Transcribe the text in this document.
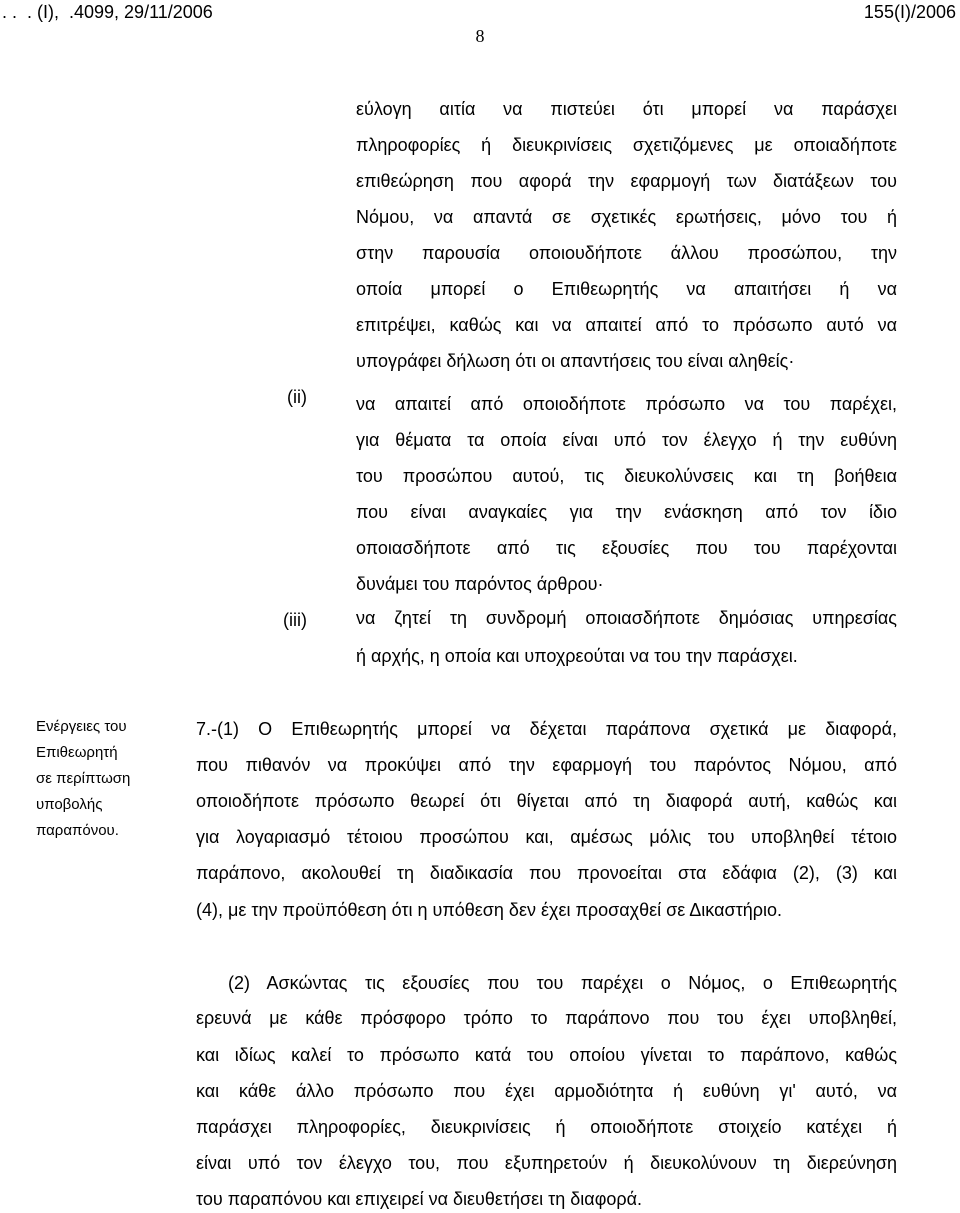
. .  . (Ι),  .4099, 29/11/2006	155(Ι)/2006
8
εύλογη αιτία να πιστεύει ότι μπορεί να παράσχει
πληροφορίες ή διευκρινίσεις σχετιζόμενες με οποιαδήποτε
επιθεώρηση που αφορά την εφαρμογή των διατάξεων του
Νόμου, να απαντά σε σχετικές ερωτήσεις, μόνο του ή
στην παρουσία οποιουδήποτε άλλου προσώπου, την
οποία μπορεί ο Επιθεωρητής να απαιτήσει ή να
επιτρέψει, καθώς και να απαιτεί από το πρόσωπο αυτό να
υπογράφει δήλωση ότι οι απαντήσεις του είναι αληθείς·
(ii)	να απαιτεί από οποιοδήποτε πρόσωπο να του παρέχει,
για θέματα τα οποία είναι υπό τον έλεγχο ή την ευθύνη
του προσώπου αυτού, τις διευκολύνσεις και τη βοήθεια
που είναι αναγκαίες για την ενάσκηση από τον ίδιο
οποιασδήποτε από τις εξουσίες που του παρέχονται
δυνάμει του παρόντος άρθρου·
(iii)	να ζητεί τη συνδρομή οποιασδήποτε δημόσιας υπηρεσίας
ή αρχής, η οποία και υποχρεούται να του την παράσχει.
Ενέργειες του
Επιθεωρητή
σε περίπτωση
υποβολής
παραπόνου.
7.-(1) Ο Επιθεωρητής μπορεί να δέχεται παράπονα σχετικά με διαφορά,
που πιθανόν να προκύψει από την εφαρμογή του παρόντος Νόμου, από
οποιοδήποτε πρόσωπο θεωρεί ότι θίγεται από τη διαφορά αυτή, καθώς και
για λογαριασμό τέτοιου προσώπου και, αμέσως μόλις του υποβληθεί τέτοιο
παράπονο, ακολουθεί τη διαδικασία που προνοείται στα εδάφια (2), (3) και
(4), με την προϋπόθεση ότι η υπόθεση δεν έχει προσαχθεί σε Δικαστήριο.
(2) Ασκώντας τις εξουσίες που του παρέχει ο Νόμος, ο Επιθεωρητής
ερευνά με κάθε πρόσφορο τρόπο το παράπονο που του έχει υποβληθεί,
και ιδίως καλεί το πρόσωπο κατά του οποίου γίνεται το παράπονο, καθώς
και κάθε άλλο πρόσωπο που έχει αρμοδιότητα ή ευθύνη γι' αυτό, να
παράσχει πληροφορίες, διευκρινίσεις ή οποιοδήποτε στοιχείο κατέχει ή
είναι υπό τον έλεγχο του, που εξυπηρετούν ή διευκολύνουν τη διερεύνηση
του παραπόνου και επιχειρεί να διευθετήσει τη διαφορά.
